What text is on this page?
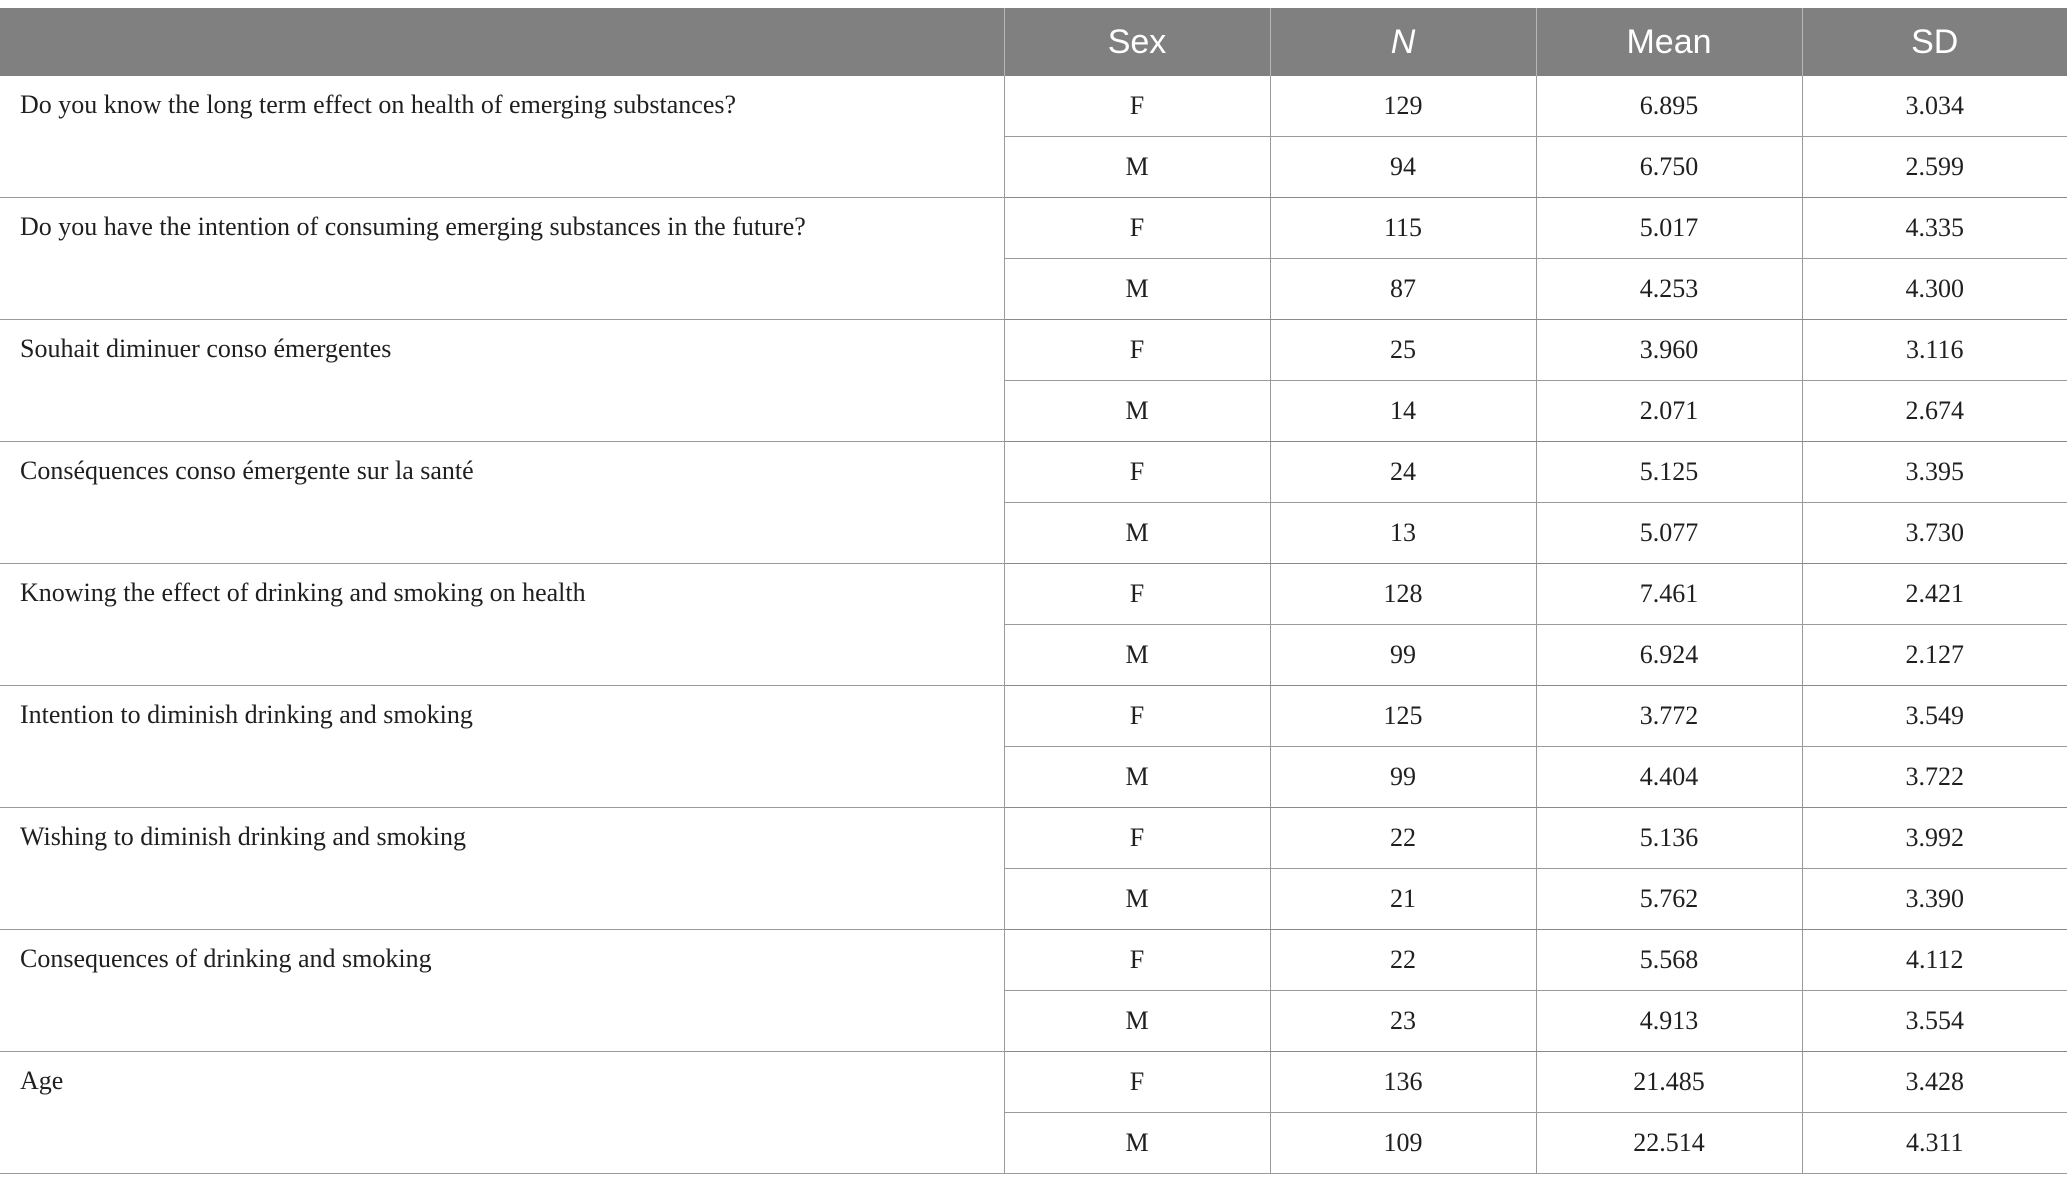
	Sex	N	Mean	SD
Do you know the long term effect on health of emerging substances?	F	129	6.895	3.034
	M	94	6.750	2.599
Do you have the intention of consuming emerging substances in the future?	F	115	5.017	4.335
	M	87	4.253	4.300
Souhait diminuer conso émergentes	F	25	3.960	3.116
	M	14	2.071	2.674
Conséquences conso émergente sur la santé	F	24	5.125	3.395
	M	13	5.077	3.730
Knowing the effect of drinking and smoking on health	F	128	7.461	2.421
	M	99	6.924	2.127
Intention to diminish drinking and smoking	F	125	3.772	3.549
	M	99	4.404	3.722
Wishing to diminish drinking and smoking	F	22	5.136	3.992
	M	21	5.762	3.390
Consequences of drinking and smoking	F	22	5.568	4.112
	M	23	4.913	3.554
Age	F	136	21.485	3.428
	M	109	22.514	4.311
